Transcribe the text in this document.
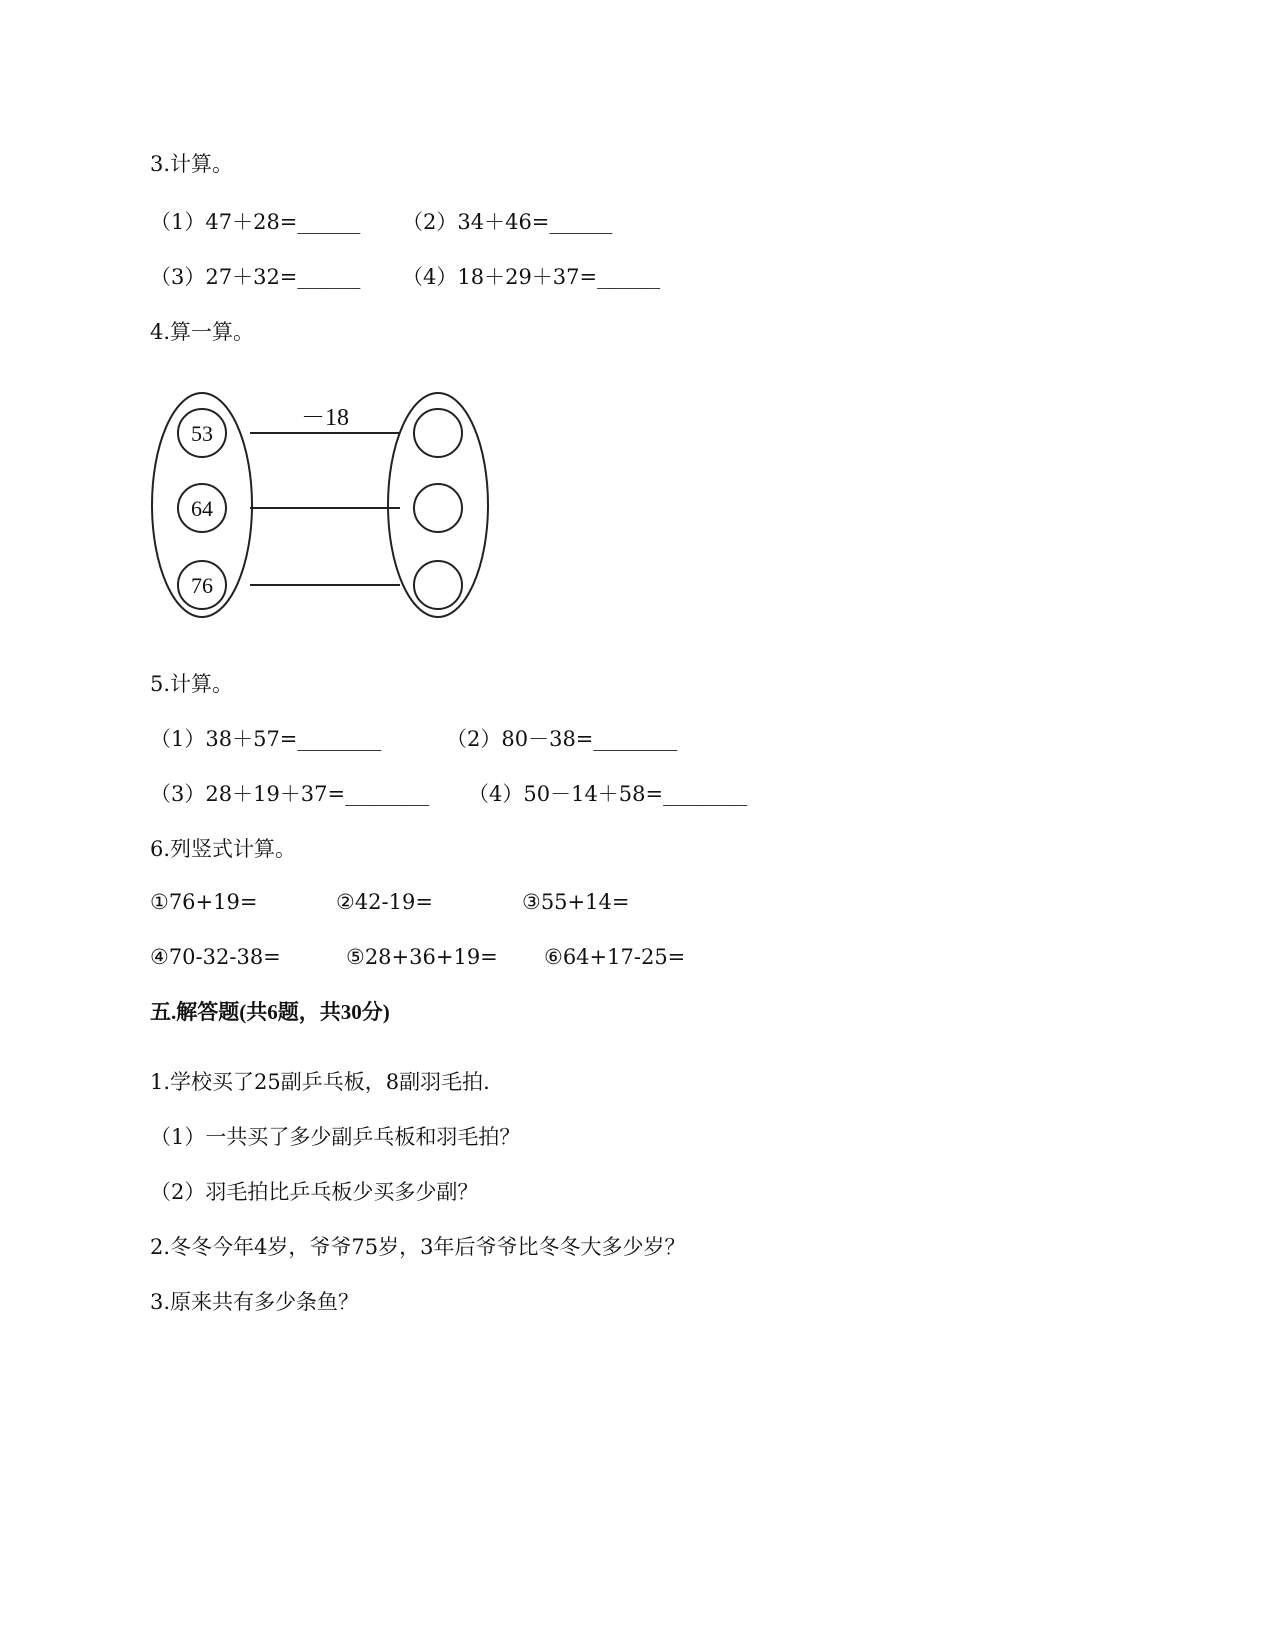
3.计算。
（1）47＋28=______ （2）34＋46=______
（3）27＋32=______ （4）18＋29＋37=______
4.算一算。
－18
53
64
76
5.计算。
（1）38＋57=________	（2）80－38=________
（3）28＋19＋37=________ （4）50－14＋58=________
6.列竖式计算。
①76+19=	②42-19=	③55+14=
④70-32-38=	⑤28+36+19= ⑥64+17-25=
五.解答题(共6题，共30分)
1.学校买了25副乒乓板，8副羽毛拍.
（1）一共买了多少副乒乓板和羽毛拍？
（2）羽毛拍比乒乓板少买多少副？
2.冬冬今年4岁，爷爷75岁，3年后爷爷比冬冬大多少岁？
3.原来共有多少条鱼？
